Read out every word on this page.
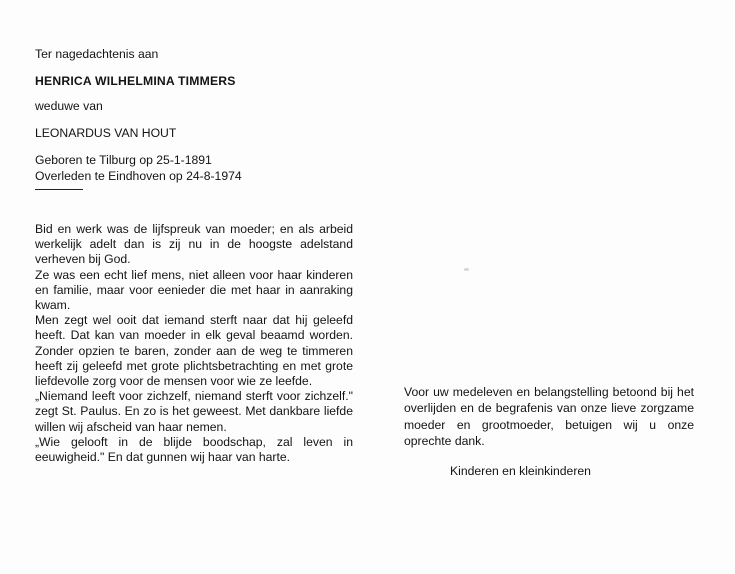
Ter nagedachtenis aan
HENRICA WILHELMINA TIMMERS
weduwe van
LEONARDUS VAN HOUT
Geboren te Tilburg op 25-1-1891
Overleden te Eindhoven op 24-8-1974
Bid en werk was de lijfspreuk van moeder; en als arbeid werkelijk adelt dan is zij nu in de hoogste adelstand verheven bij God.
Ze was een echt lief mens, niet alleen voor haar kinderen en familie, maar voor eenieder die met haar in aanraking kwam.
Men zegt wel ooit dat iemand sterft naar dat hij geleefd heeft. Dat kan van moeder in elk geval beaamd worden. Zonder opzien te baren, zonder aan de weg te timmeren heeft zij geleefd met grote plichtsbetrachting en met grote liefdevolle zorg voor de mensen voor wie ze leefde.
„Niemand leeft voor zichzelf, niemand sterft voor zichzelf." zegt St. Paulus. En zo is het geweest. Met dankbare liefde willen wij afscheid van haar nemen.
„Wie gelooft in de blijde boodschap, zal leven in eeuwigheid." En dat gunnen wij haar van harte.
Voor uw medeleven en belangstelling betoond bij het overlijden en de begrafenis van onze lieve zorgzame moeder en grootmoeder, betuigen wij u onze oprechte dank.
Kinderen en kleinkinderen
